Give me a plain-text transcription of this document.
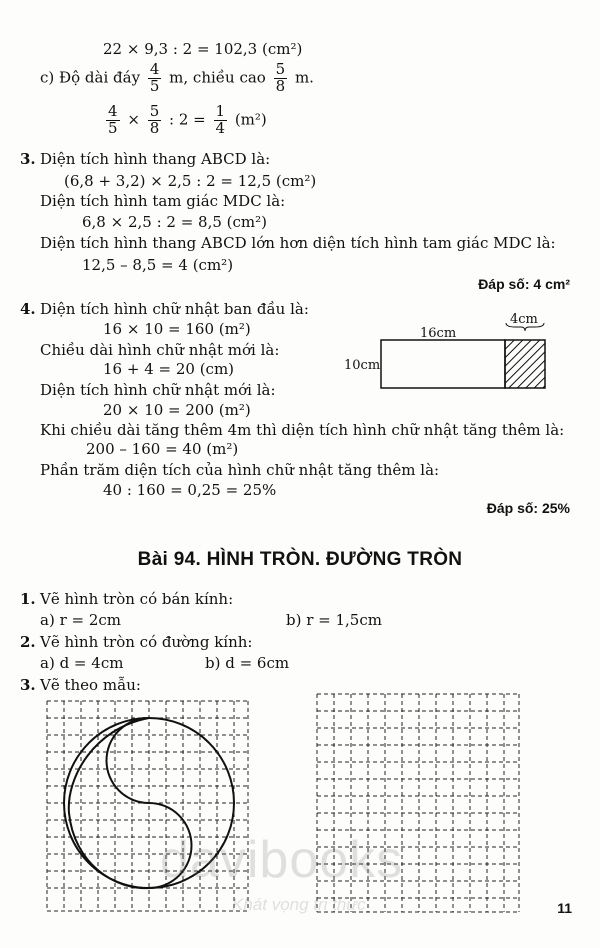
22 × 9,3 : 2 = 102,3 (cm²)
c) Độ dài đáy $\frac{4}{5} m$, chiều cao $\frac{5}{8} m$.
$\frac{4}{5} \times \frac{5}{8}$ : $2 = \frac{1}{4} (m^2)$
3. Diện tích hình thang ABCD là:
(6,8 + 3,2) × 2,5 : 2 = 12,5 (cm²)
Diện tích hình tam giác MDC là:
6,8 × 2,5 : 2 = 8,5 (cm²)
Diện tích hình thang ABCD lớn hơn diện tích hình tam giác MDC là:
12,5 – 8,5 = 4 (cm²)
Đáp số: 4 cm²
4. Diện tích hình chữ nhật ban đầu là:
16 × 10 = 160 (m²)
Chiều dài hình chữ nhật mới là:
16 + 4 = 20 (cm)
Diện tích hình chữ nhật mới là:
20 × 10 = 200 (m²)
Khi chiều dài tăng thêm 4m thì diện tích hình chữ nhật tăng thêm là:
200 – 160 = 40 (m²)
Phần trăm diện tích của hình chữ nhật tăng thêm là:
40 : 160 = 0,25 = 25%
Đáp số: 25%
16cm
4cm
10cm
Bài 94. HÌNH TRÒN. ĐƯỜNG TRÒN
1. Vẽ hình tròn có bán kính:
a) r = 2cm	b) r = 1,5cm
2. Vẽ hình tròn có đường kính:
a) d = 4cm	b) d = 6cm
3. Vẽ theo mẫu:
davibooks
Khát vọng tri thức	11
